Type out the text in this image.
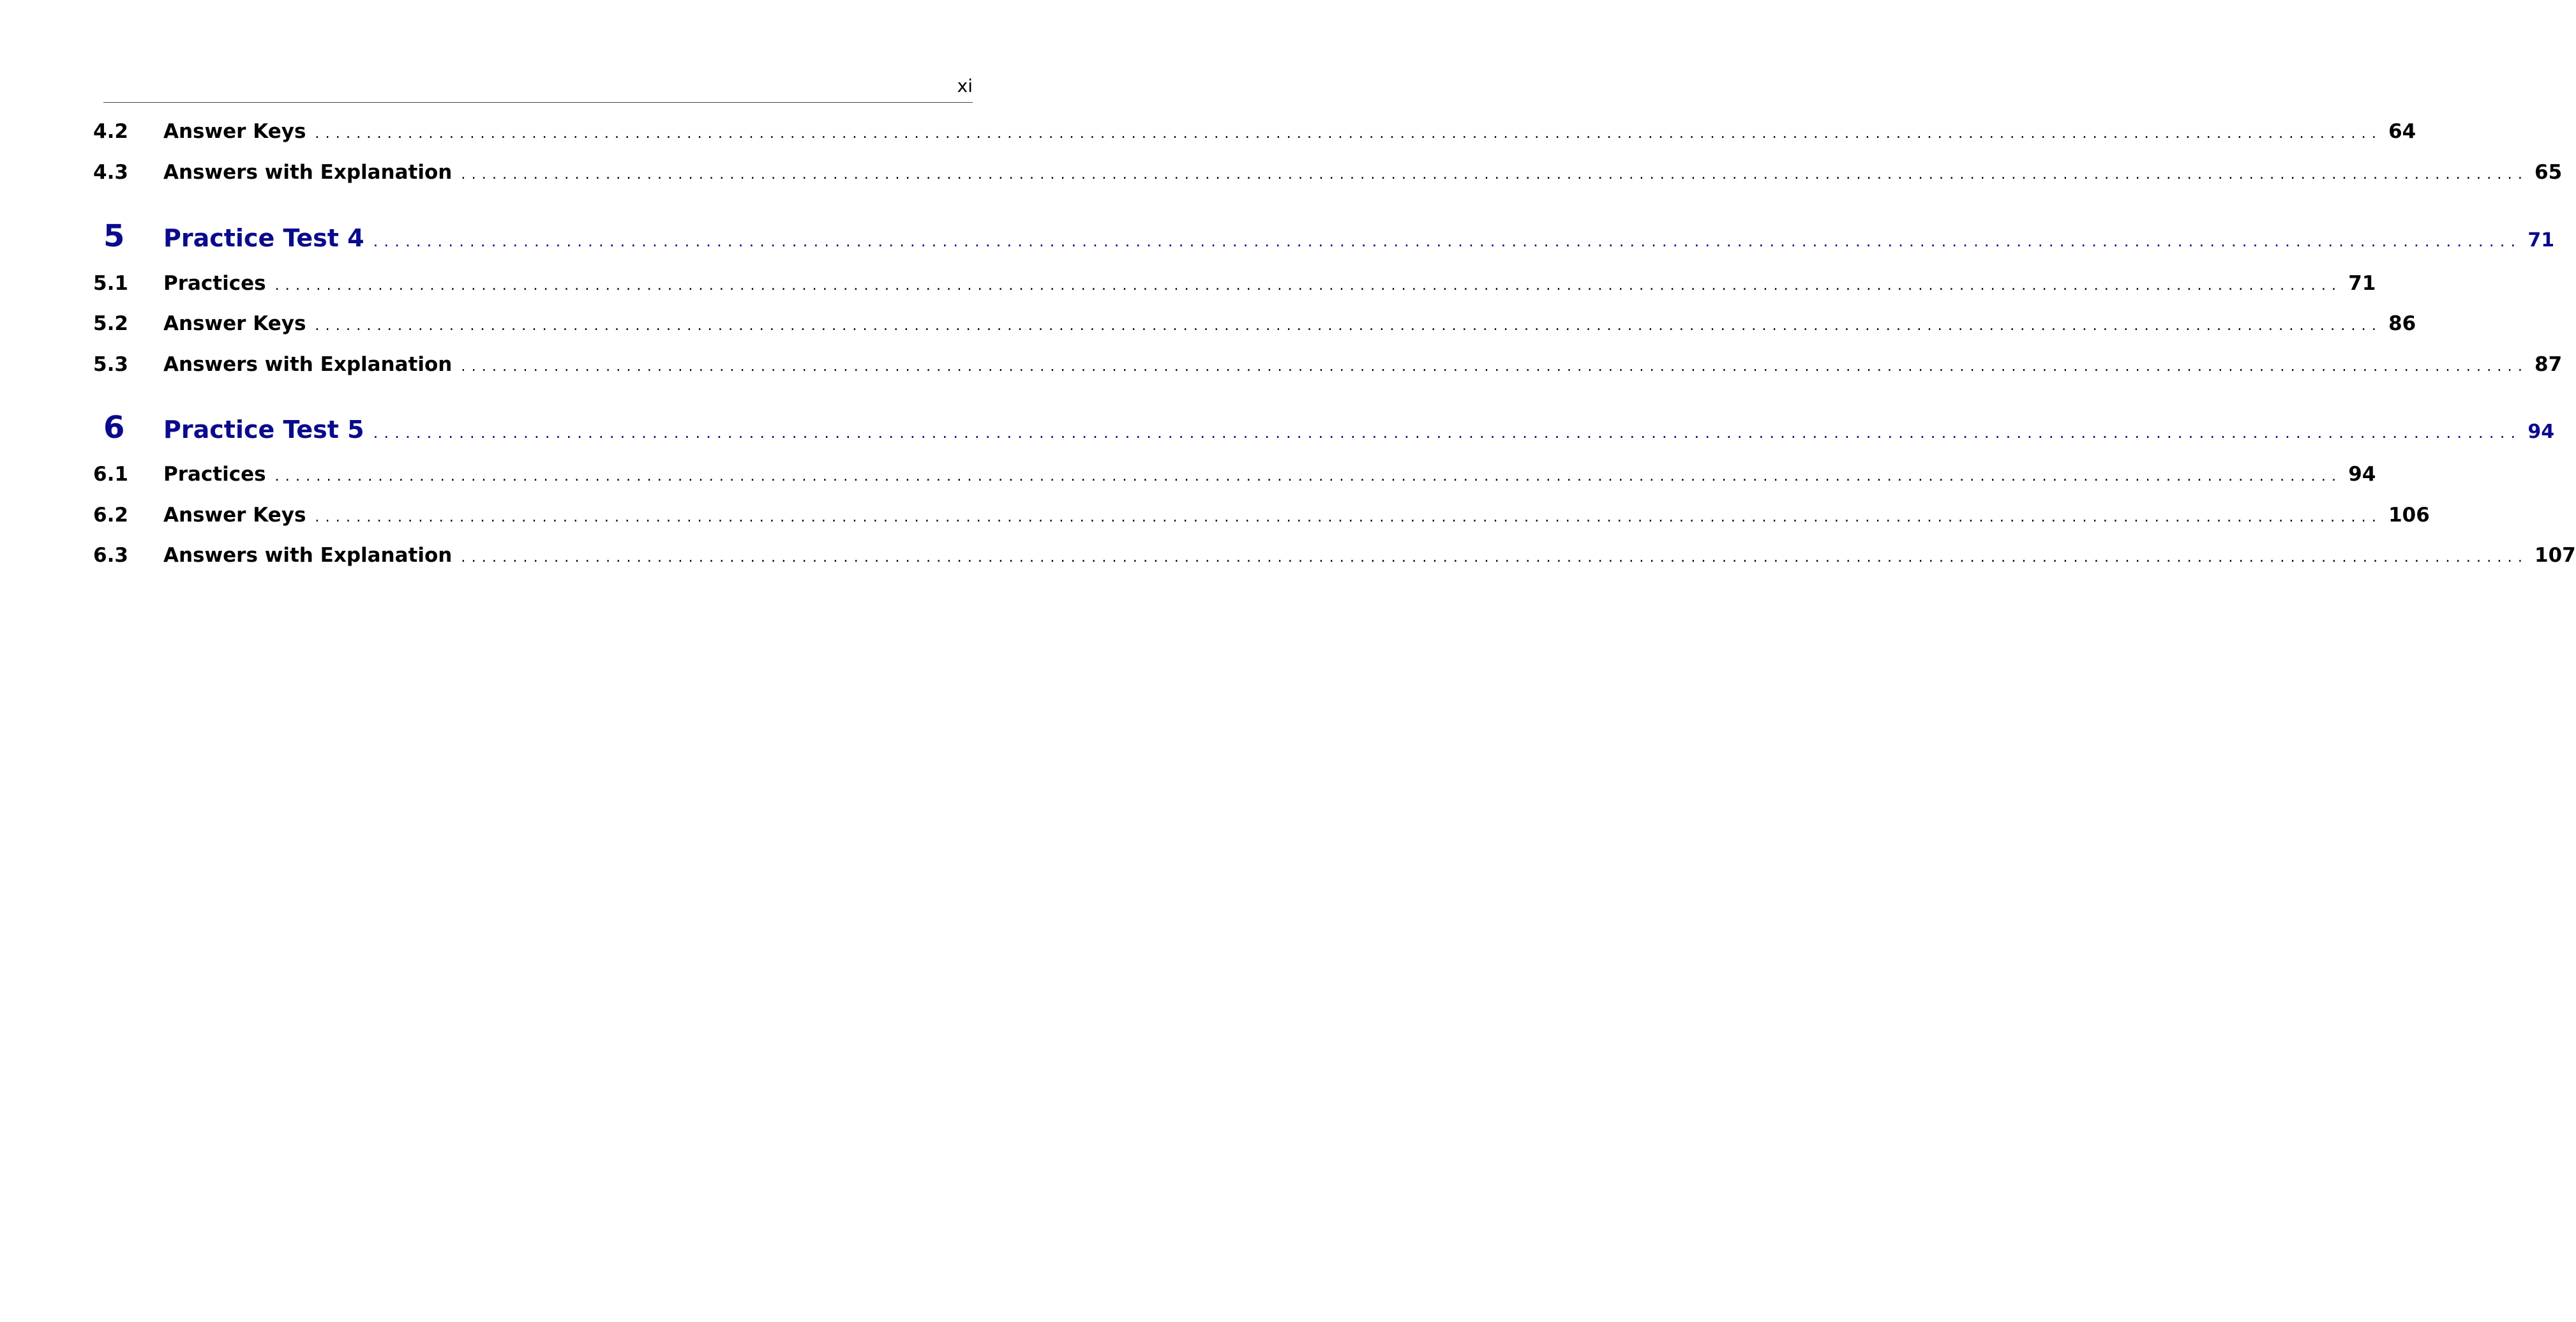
xi
4.2	Answer Keys ........................................................................................................................................................................................................ 64
4.3	Answers with Explanation ........................................................................................................................................................................................................ 65
5	Practice Test 4 ........................................................................................................................................................................................................ 71
5.1	Practices ........................................................................................................................................................................................................ 71
5.2	Answer Keys ........................................................................................................................................................................................................ 86
5.3	Answers with Explanation ........................................................................................................................................................................................................ 87
6	Practice Test 5 ........................................................................................................................................................................................................ 94
6.1	Practices ........................................................................................................................................................................................................ 94
6.2	Answer Keys ........................................................................................................................................................................................................ 106
6.3	Answers with Explanation ........................................................................................................................................................................................................ 107
